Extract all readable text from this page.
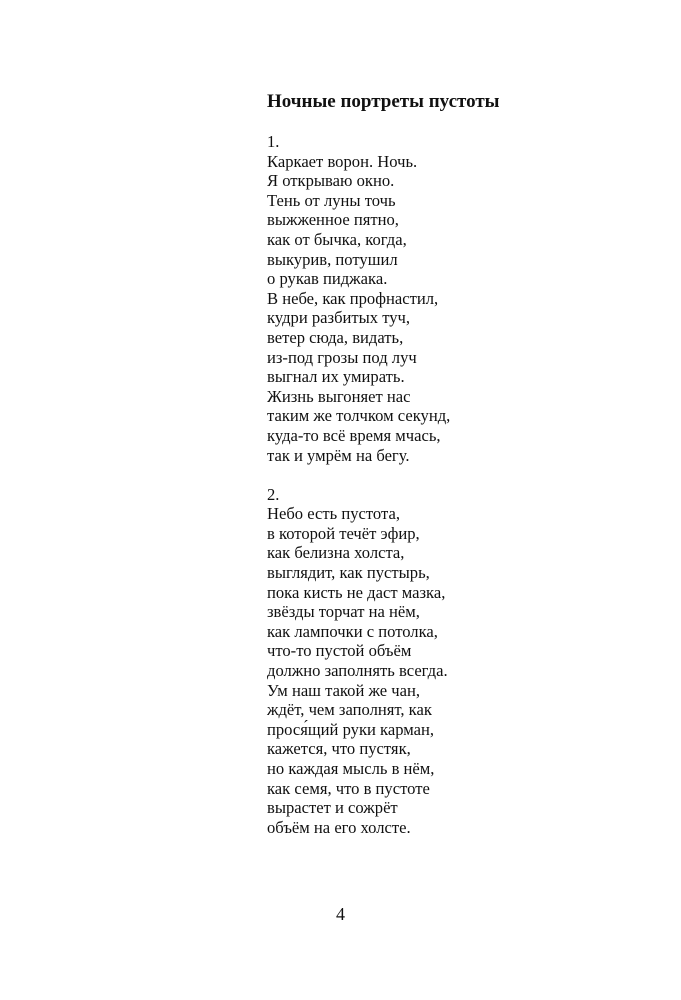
Ночные портреты пустоты
1.
Каркает ворон. Ночь.
Я открываю окно.
Тень от луны точь
выжженное пятно,
как от бычка, когда,
выкурив, потушил
о рукав пиджака.
В небе, как профнастил,
кудри разбитых туч,
ветер сюда, видать,
из-под грозы под луч
выгнал их умирать.
Жизнь выгоняет нас
таким же толчком секунд,
куда-то всё время мчась,
так и умрём на бегу.
2.
Небо есть пустота,
в которой течёт эфир,
как белизна холста,
выглядит, как пустырь,
пока кисть не даст мазка,
звёзды торчат на нём,
как лампочки с потолка,
что-то пустой объём
должно заполнять всегда.
Ум наш такой же чан,
ждёт, чем заполнят, как
прося́щий руки карман,
кажется, что пустяк,
но каждая мысль в нём,
как семя, что в пустоте
вырастет и сожрёт
объём на его холсте.

4
